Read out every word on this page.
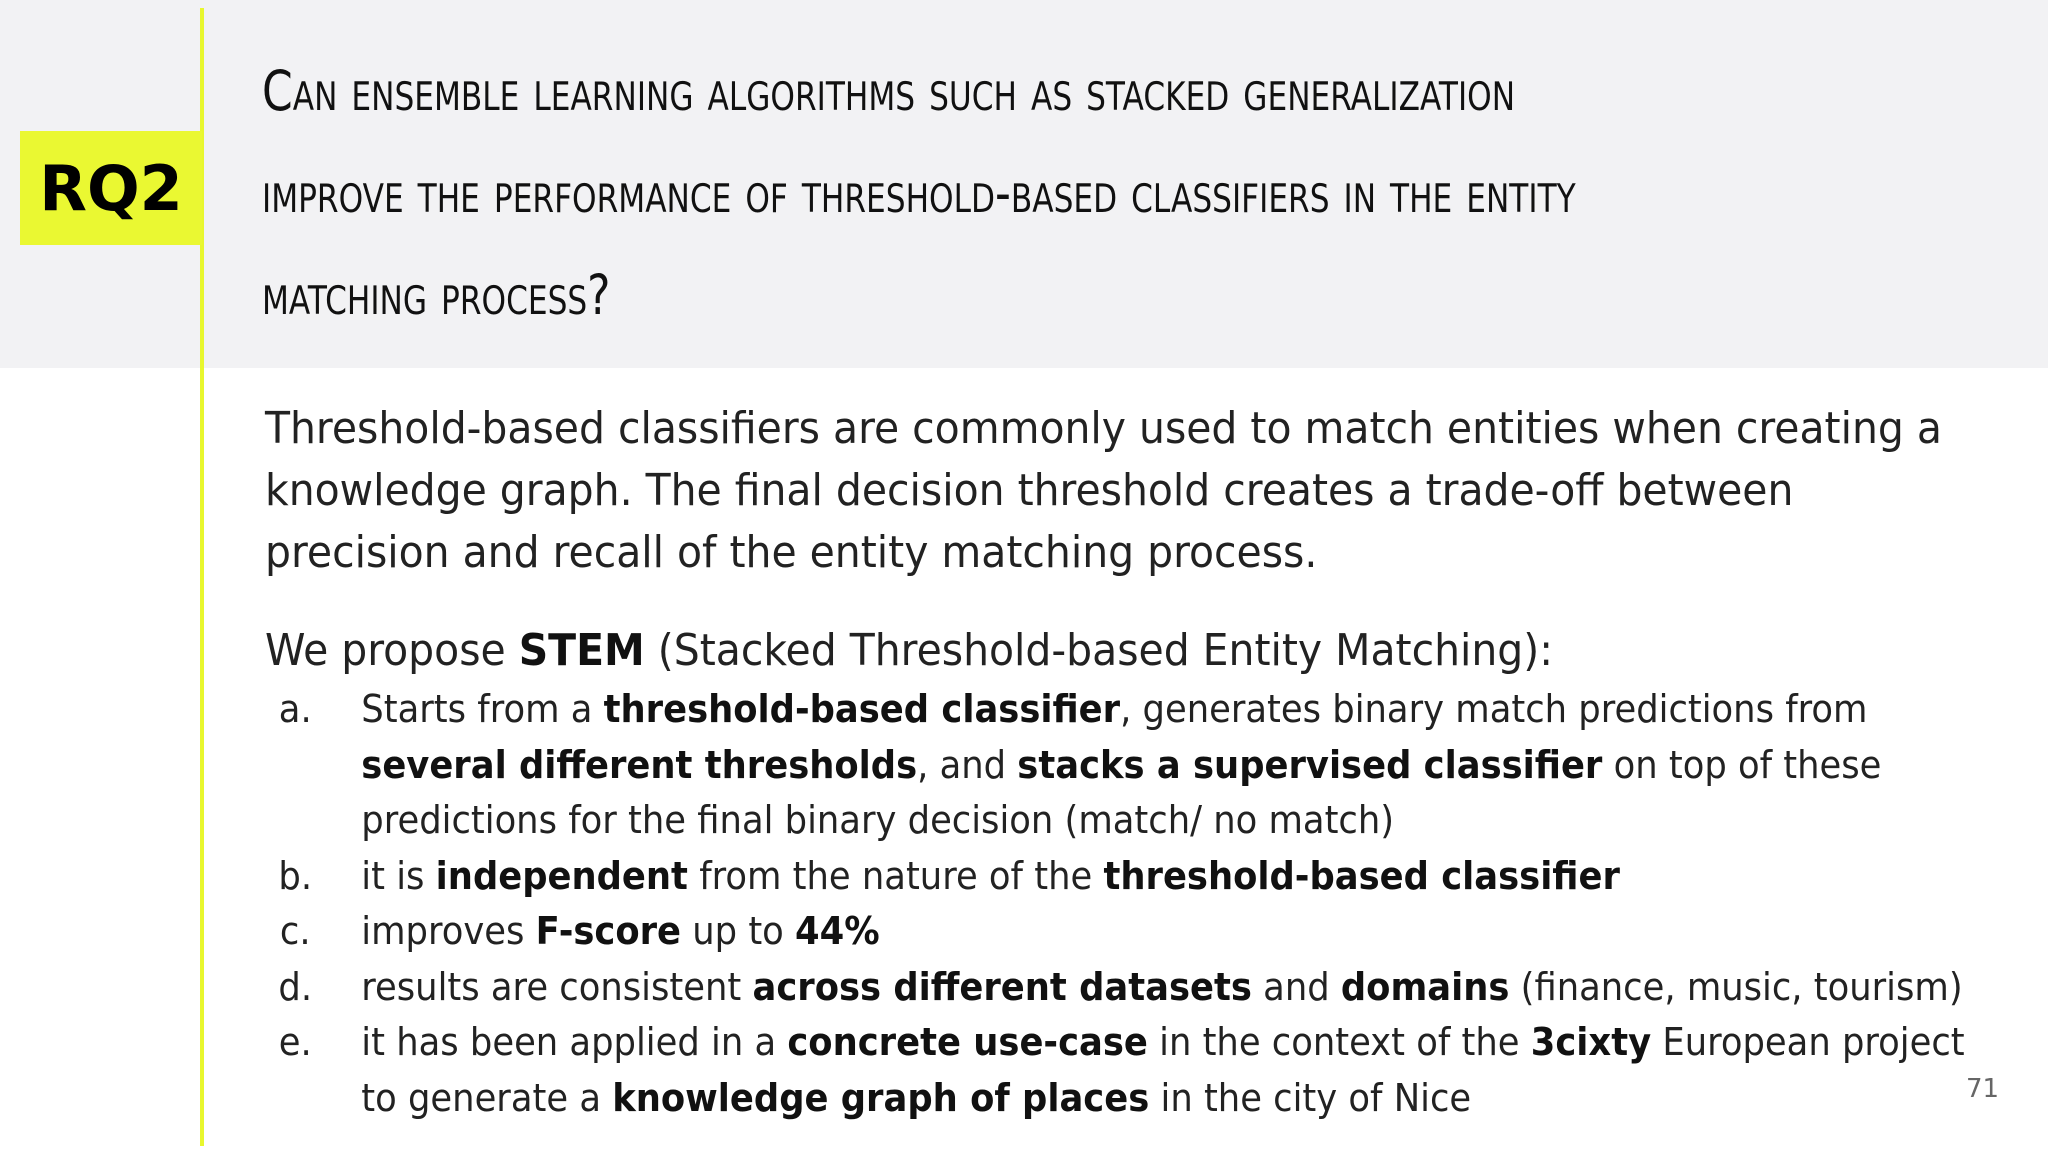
RQ2
Can ensemble learning algorithms such as stacked generalization
improve the performance of threshold-based classifiers in the entity
matching process?

Threshold-based classifiers are commonly used to match entities when creating a
knowledge graph. The final decision threshold creates a trade-off between
precision and recall of the entity matching process.

We propose STEM (Stacked Threshold-based Entity Matching):

a. Starts from a threshold-based classifier, generates binary match predictions from
several different thresholds, and stacks a supervised classifier on top of these
predictions for the final binary decision (match/ no match)
b. it is independent from the nature of the threshold-based classifier
c. improves F-score up to 44%
d. results are consistent across different datasets and domains (finance, music, tourism)
e. it has been applied in a concrete use-case in the context of the 3cixty European project
to generate a knowledge graph of places in the city of Nice	71
